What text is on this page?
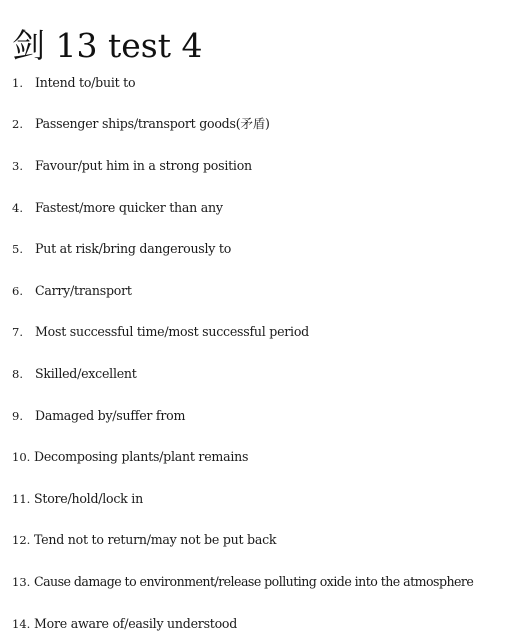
剑 13 test 4
1. Intend to/buit to
2. Passenger ships/transport goods(矛盾)
3. Favour/put him in a strong position
4. Fastest/more quicker than any
5. Put at risk/bring dangerously to
6. Carry/transport
7. Most successful time/most successful period
8. Skilled/excellent
9. Damaged by/suffer from
10. Decomposing plants/plant remains
11. Store/hold/lock in
12. Tend not to return/may not be put back
13. Cause damage to environment/release polluting oxide into the atmosphere
14. More aware of/easily understood
